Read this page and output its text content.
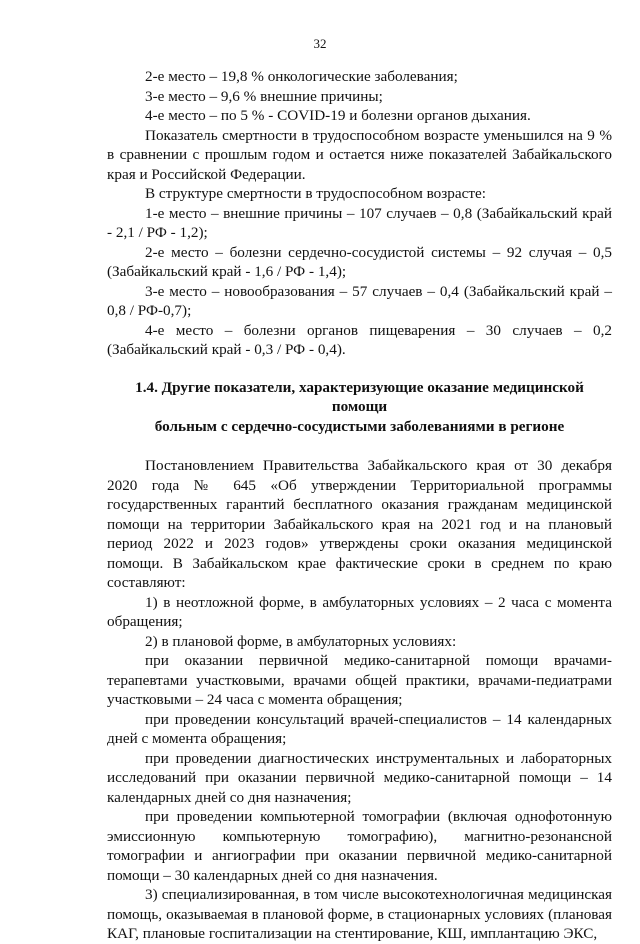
32

2-е место – 19,8 % онкологические заболевания;

3-е место – 9,6 % внешние причины;

4-е место – по 5 % - COVID-19 и болезни органов дыхания.

Показатель смертности в трудоспособном возрасте уменьшился на 9 % в сравнении с прошлым годом и остается ниже показателей Забайкальского края и Российской Федерации.

В структуре смертности в трудоспособном возрасте:

1-е место – внешние причины – 107 случаев – 0,8 (Забайкальский край - 2,1 / РФ - 1,2);

2-е место – болезни сердечно-сосудистой системы – 92 случая – 0,5 (Забайкальский край - 1,6 / РФ - 1,4);

3-е место – новообразования – 57 случаев – 0,4 (Забайкальский край – 0,8 / РФ-0,7);

4-е место – болезни органов пищеварения – 30 случаев – 0,2 (Забайкальский край - 0,3 / РФ - 0,4).

1.4. Другие показатели, характеризующие оказание медицинской помощи
больным с сердечно-сосудистыми заболеваниями в регионе

Постановлением Правительства Забайкальского края от 30 декабря 2020 года № 645 «Об утверждении Территориальной программы государственных гарантий бесплатного оказания гражданам медицинской помощи на территории Забайкальского края на 2021 год и на плановый период 2022 и 2023 годов» утверждены сроки оказания медицинской помощи. В Забайкальском крае фактические сроки в среднем по краю составляют:

1) в неотложной форме, в амбулаторных условиях – 2 часа с момента обращения;

2) в плановой форме, в амбулаторных условиях:

при оказании первичной медико-санитарной помощи врачами-терапевтами участковыми, врачами общей практики, врачами-педиатрами участковыми – 24 часа с момента обращения;

при проведении консультаций врачей-специалистов – 14 календарных дней с момента обращения;

при проведении диагностических инструментальных и лабораторных исследований при оказании первичной медико-санитарной помощи – 14 календарных дней со дня назначения;

при проведении компьютерной томографии (включая однофотонную эмиссионную компьютерную томографию), магнитно-резонансной томографии и ангиографии при оказании первичной медико-санитарной помощи – 30 календарных дней со дня назначения.

3) специализированная, в том числе высокотехнологичная медицинская помощь, оказываемая в плановой форме, в стационарных условиях (плановая КАГ, плановые госпитализации на стентирование, КШ, имплантацию ЭКС,
